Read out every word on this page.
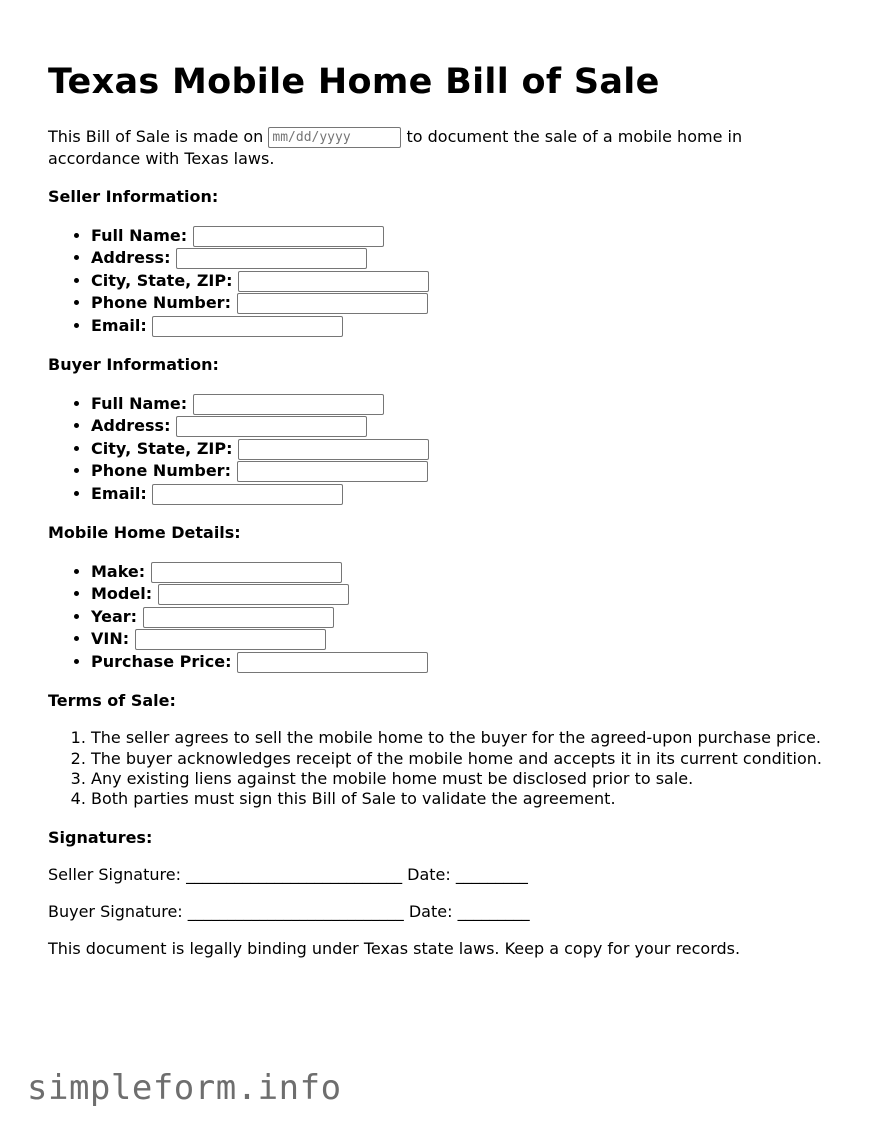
Texas Mobile Home Bill of Sale

This Bill of Sale is made on mm/dd/yyyy	to document the sale of a mobile home in accordance with Texas laws.

Seller Information:
• Full Name:
• Address:
• City, State, ZIP:
• Phone Number:
• Email:
Buyer Information:
• Full Name:
• Address:
• City, State, ZIP:
• Phone Number:
• Email:
Mobile Home Details:
• Make:
• Model:
• Year:
• VIN:
• Purchase Price:
Terms of Sale:
1. The seller agrees to sell the mobile home to the buyer for the agreed-upon purchase price.
2. The buyer acknowledges receipt of the mobile home and accepts it in its current condition.
3. Any existing liens against the mobile home must be disclosed prior to sale.
4. Both parties must sign this Bill of Sale to validate the agreement.
Signatures:

Seller Signature: ___________________________ Date: _________

Buyer Signature: ___________________________ Date: _________

This document is legally binding under Texas state laws. Keep a copy for your records.

simpleform.info
